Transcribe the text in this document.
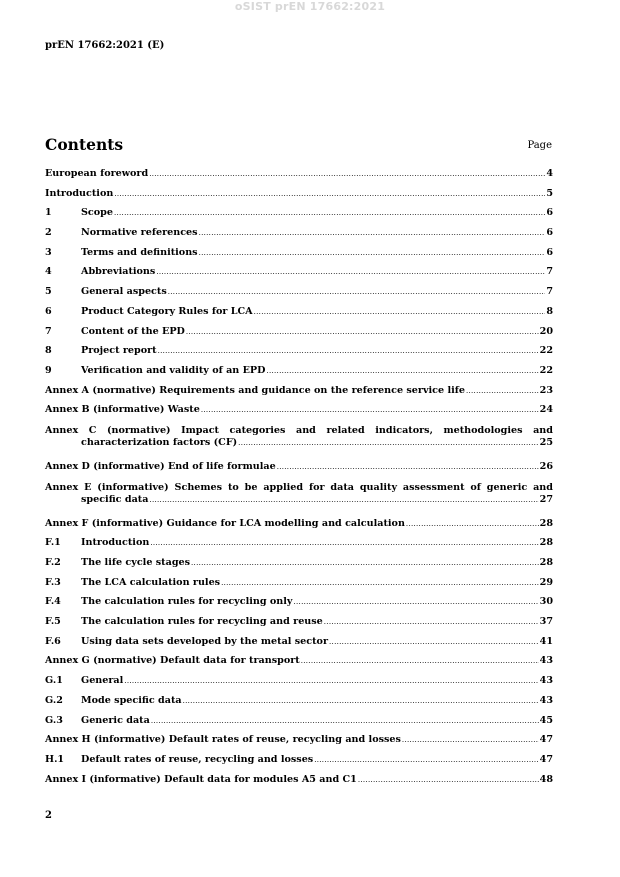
oSIST prEN 17662:2021
prEN 17662:2021 (E)
Contents	Page
European foreword .....	4
Introduction .....	5
1	Scope .....	6
2	Normative references .....	6
3	Terms and definitions .....	6
4	Abbreviations .....	7
5	General aspects .....	7
6	Product Category Rules for LCA .....	8
7	Content of the EPD .....	20
8	Project report .....	22
9	Verification and validity of an EPD .....	22
Annex A (normative) Requirements and guidance on the reference service life .....	23
Annex B (informative) Waste .....	24
Annex C (normative) Impact categories and related indicators, methodologies and
characterization factors (CF) .....	25
Annex D (informative) End of life formulae .....	26
Annex E (informative) Schemes to be applied for data quality assessment of generic and
specific data .....	27
Annex F (informative) Guidance for LCA modelling and calculation .....	28
F.1	Introduction .....	28
F.2	The life cycle stages .....	28
F.3	The LCA calculation rules .....	29
F.4	The calculation rules for recycling only .....	30
F.5	The calculation rules for recycling and reuse .....	37
F.6	Using data sets developed by the metal sector .....	41
Annex G (normative) Default data for transport .....	43
G.1	General .....	43
G.2	Mode specific data .....	43
G.3	Generic data .....	45
Annex H (informative) Default rates of reuse, recycling and losses .....	47
H.1	Default rates of reuse, recycling and losses .....	47
Annex I (informative) Default data for modules A5 and C1 .....	48
2
